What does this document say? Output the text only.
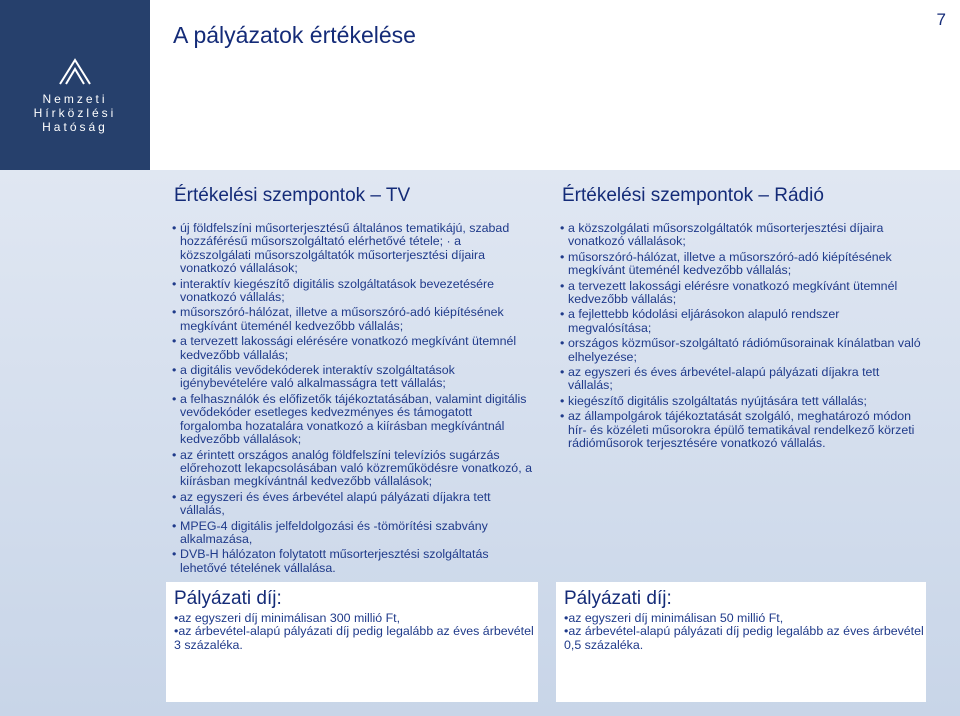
Nemzeti
Hírközlési
Hatóság
A pályázatok értékelése
7
Értékelési szempontok – TV
• új földfelszíni műsorterjesztésű általános tematikájú, szabad hozzáférésű műsorszolgáltató elérhetővé tétele; · a közszolgálati műsorszolgáltatók műsorterjesztési díjaira vonatkozó vállalások;
• interaktív kiegészítő digitális szolgáltatások bevezetésére vonatkozó vállalás;
• műsorszóró-hálózat, illetve a műsorszóró-adó kiépítésének megkívánt üteménél kedvezőbb vállalás;
• a tervezett lakossági elérésére vonatkozó megkívánt ütemnél kedvezőbb vállalás;
• a digitális vevődekóderek interaktív szolgáltatások igénybevételére való alkalmasságra tett vállalás;
• a felhasználók és előfizetők tájékoztatásában, valamint digitális vevődekóder esetleges kedvezményes és támogatott forgalomba hozatalára vonatkozó a kiírásban megkívántnál kedvezőbb vállalások;
• az érintett országos analóg földfelszíni televíziós sugárzás előrehozott lekapcsolásában való közreműködésre vonatkozó, a kiírásban megkívántnál kedvezőbb vállalások;
• az egyszeri és éves árbevétel alapú pályázati díjakra tett vállalás,
• MPEG-4 digitális jelfeldolgozási és -tömörítési szabvány alkalmazása,
• DVB-H hálózaton folytatott műsorterjesztési szolgáltatás lehetővé tételének vállalása.
Pályázati díj:
•az egyszeri díj minimálisan 300 millió Ft,
•az árbevétel-alapú pályázati díj pedig legalább az éves árbevétel 3 százaléka.
Értékelési szempontok – Rádió
• a közszolgálati műsorszolgáltatók műsorterjesztési díjaira vonatkozó vállalások;
• műsorszóró-hálózat, illetve a műsorszóró-adó kiépítésének megkívánt üteménél kedvezőbb vállalás;
• a tervezett lakossági elérésre vonatkozó megkívánt ütemnél kedvezőbb vállalás;
• a fejlettebb kódolási eljárásokon alapuló rendszer megvalósítása;
• országos közműsor-szolgáltató rádióműsorainak kínálatban való elhelyezése;
• az egyszeri és éves árbevétel-alapú pályázati díjakra tett vállalás;
• kiegészítő digitális szolgáltatás nyújtására tett vállalás;
• az állampolgárok tájékoztatását szolgáló, meghatározó módon hír- és közéleti műsorokra épülő tematikával rendelkező körzeti rádióműsorok terjesztésére vonatkozó vállalás.
Pályázati díj:
•az egyszeri díj minimálisan 50 millió Ft,
•az árbevétel-alapú pályázati díj pedig legalább az éves árbevétel 0,5 százaléka.
